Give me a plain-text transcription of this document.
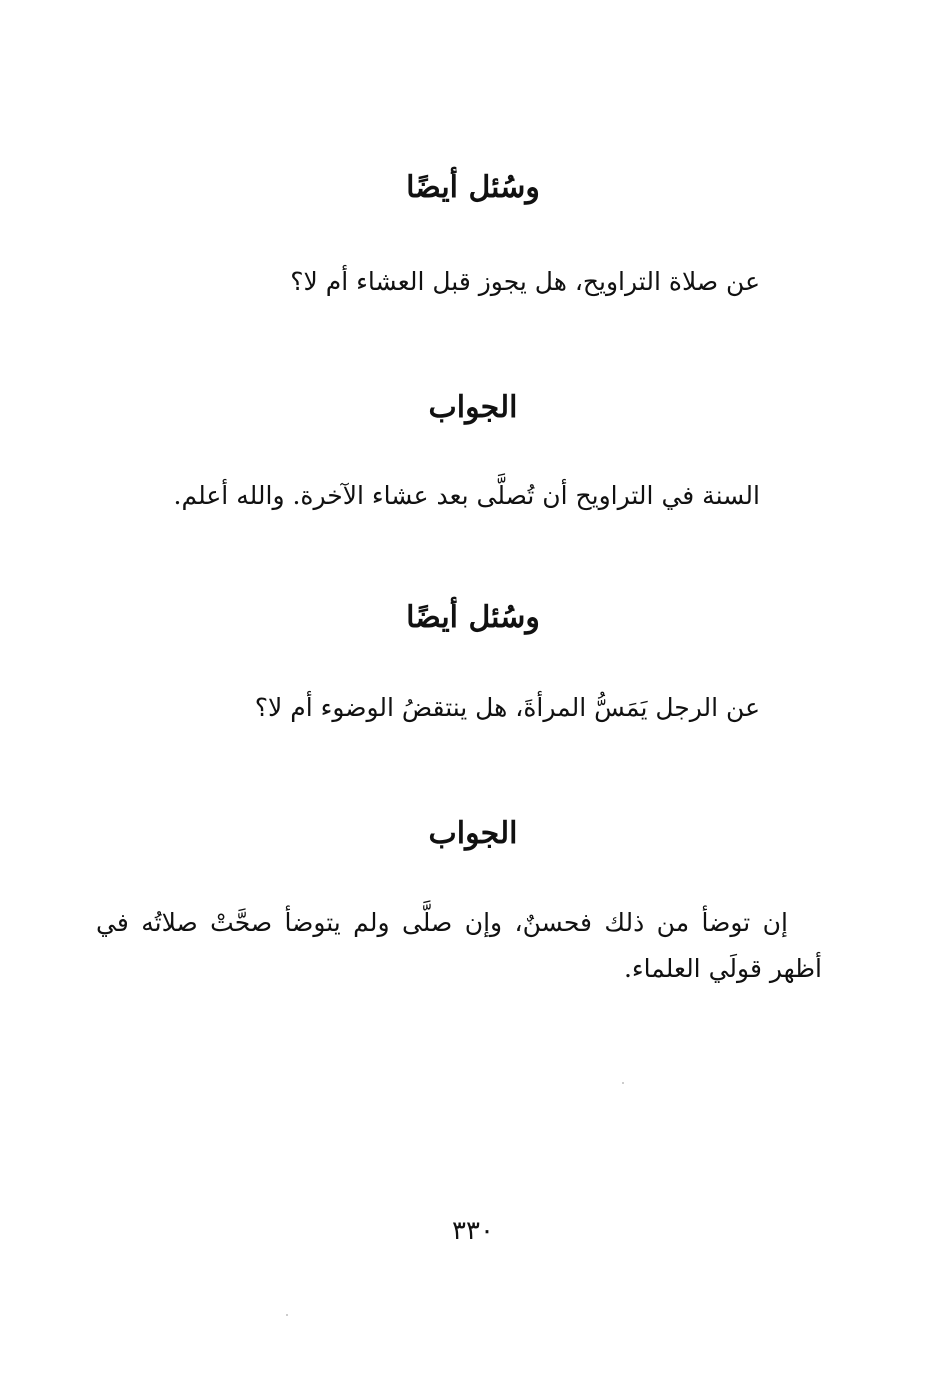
وسُئل أيضًا

عن صلاة التراويح، هل يجوز قبل العشاء أم لا؟

الجواب

السنة في التراويح أن تُصلَّى بعد عشاء الآخرة. والله أعلم.

وسُئل أيضًا

عن الرجل يَمَسُّ المرأةَ، هل ينتقضُ الوضوء أم لا؟

الجواب

إن توضأ من ذلك فحسنٌ، وإن صلَّى ولم يتوضأ صحَّتْ صلاتُه في أظهر قولَي العلماء.

٣٣٠
